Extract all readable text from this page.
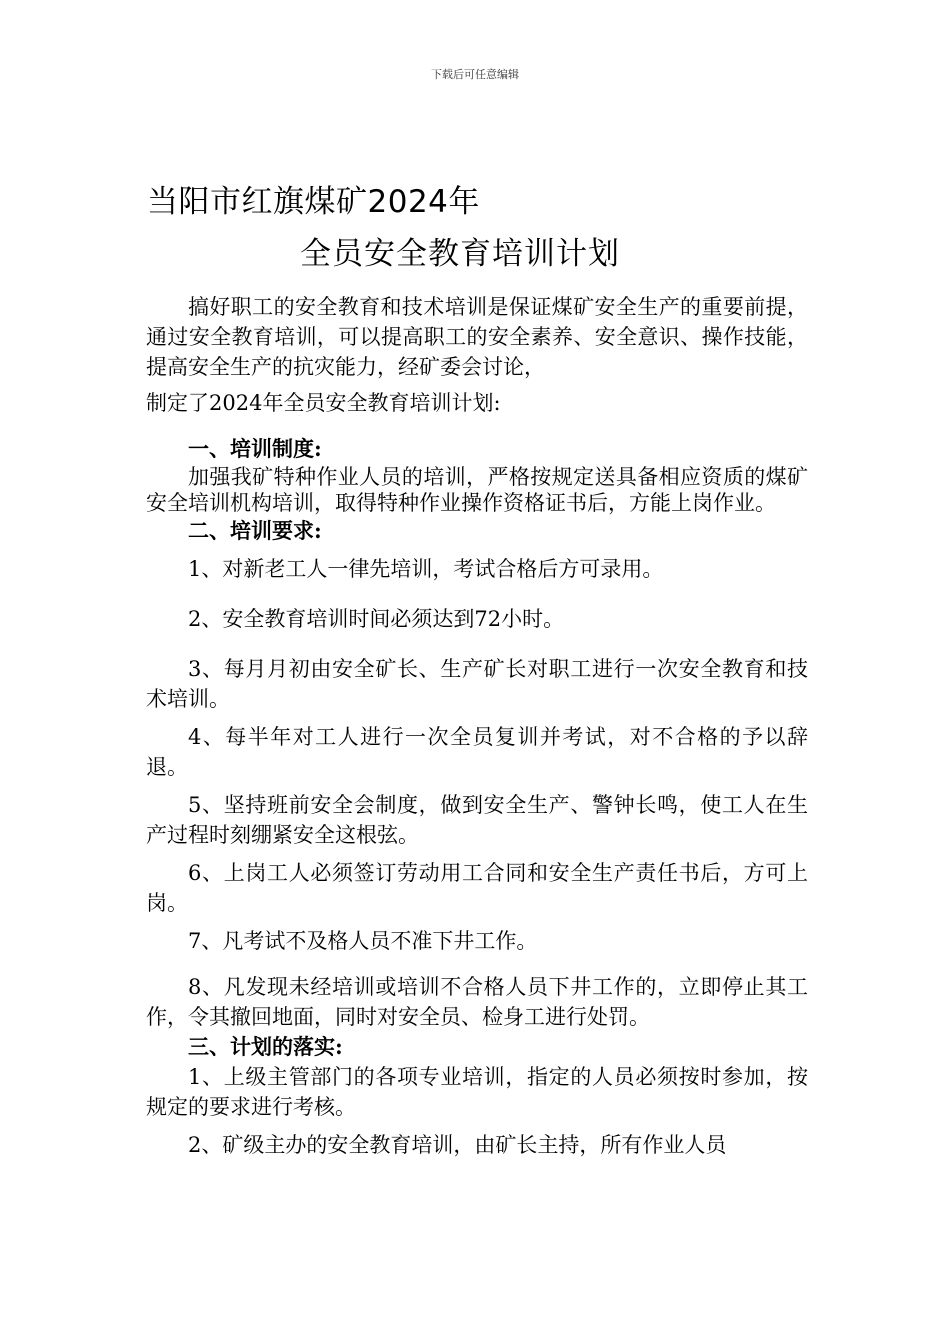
下载后可任意编辑
当阳市红旗煤矿2024年
全员安全教育培训计划

搞好职工的安全教育和技术培训是保证煤矿安全生产的重要前提，通过安全教育培训，可以提高职工的安全素养、安全意识、操作技能，提高安全生产的抗灾能力，经矿委会讨论，

制定了2024年全员安全教育培训计划:

一、培训制度:

加强我矿特种作业人员的培训，严格按规定送具备相应资质的煤矿安全培训机构培训，取得特种作业操作资格证书后，方能上岗作业。

二、培训要求:

1、对新老工人一律先培训，考试合格后方可录用。

2、安全教育培训时间必须达到72小时。

3、每月月初由安全矿长、生产矿长对职工进行一次安全教育和技术培训。

4、每半年对工人进行一次全员复训并考试，对不合格的予以辞退。

5、坚持班前安全会制度，做到安全生产、警钟长鸣，使工人在生产过程时刻绷紧安全这根弦。

6、上岗工人必须签订劳动用工合同和安全生产责任书后，方可上岗。

7、凡考试不及格人员不准下井工作。

8、凡发现未经培训或培训不合格人员下井工作的，立即停止其工作，令其撤回地面，同时对安全员、检身工进行处罚。

三、计划的落实:

1、上级主管部门的各项专业培训，指定的人员必须按时参加，按规定的要求进行考核。

2、矿级主办的安全教育培训，由矿长主持，所有作业人员
